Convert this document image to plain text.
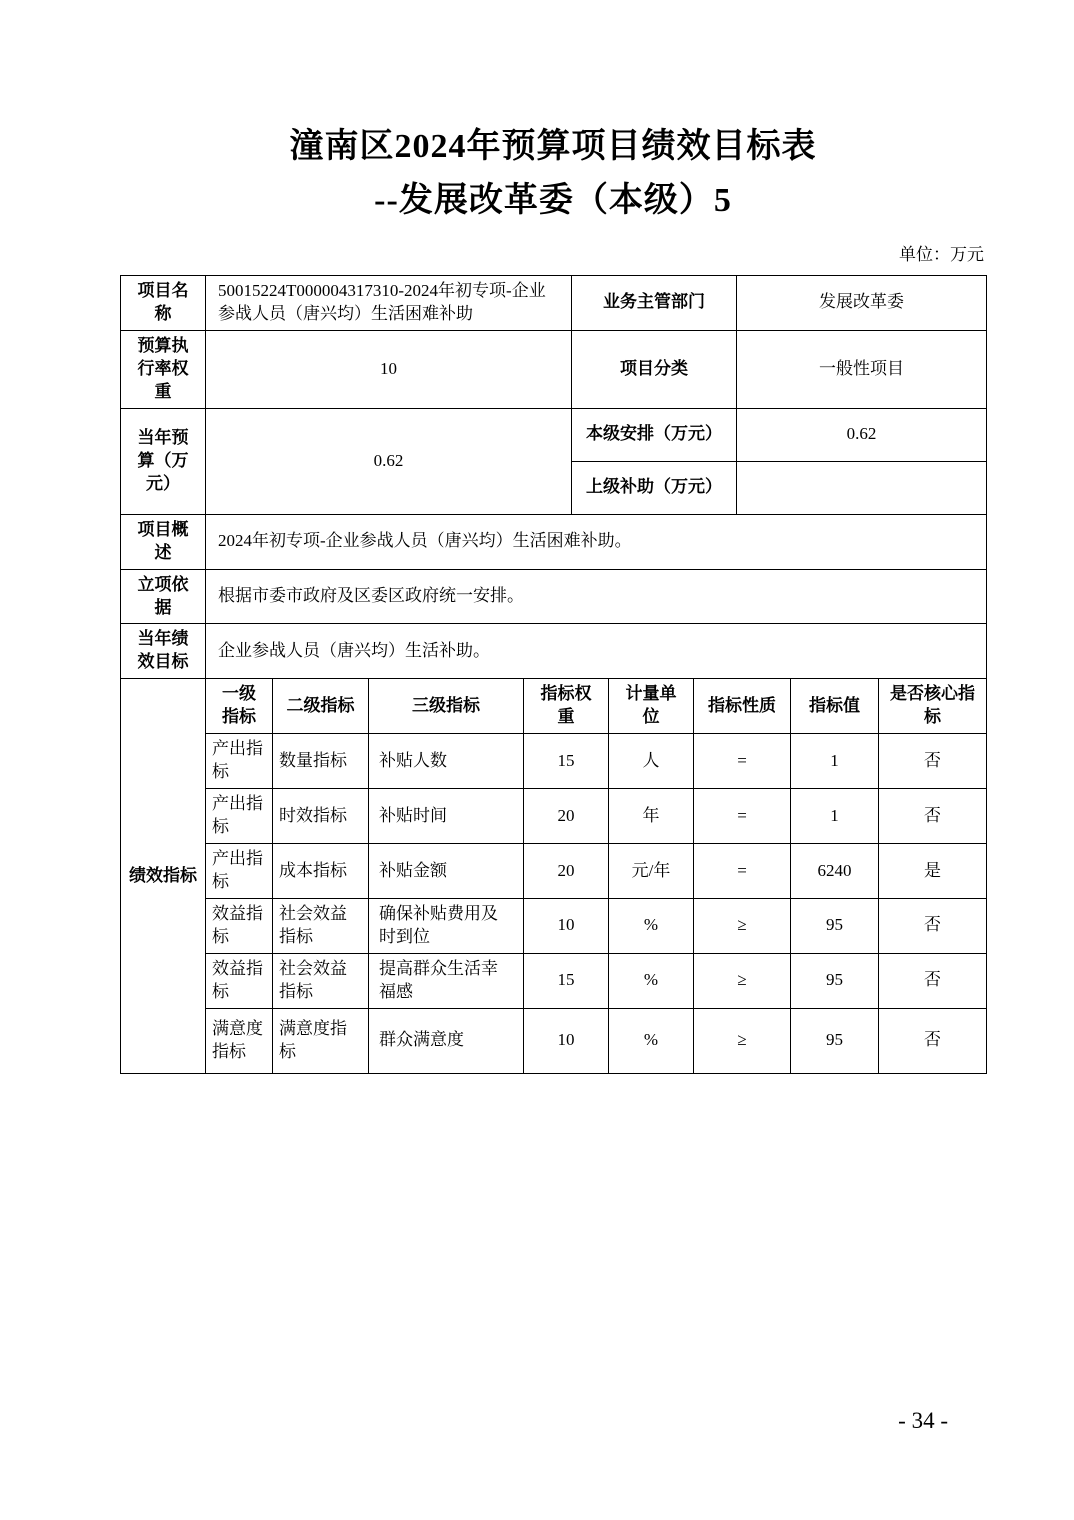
潼南区2024年预算项目绩效目标表
--发展改革委（本级）5
单位：万元
项目名称	50015224T000004317310-2024年初专项-企业参战人员（唐兴均）生活困难补助	业务主管部门	发展改革委
预算执行率权重	10	项目分类	一般性项目
当年预算（万元）	0.62	本级安排（万元）	0.62
		上级补助（万元）	
项目概述	2024年初专项-企业参战人员（唐兴均）生活困难补助。		
立项依据	根据市委市政府及区委区政府统一安排。		
当年绩效目标	企业参战人员（唐兴均）生活补助。		
绩效指标	一级指标	二级指标	三级指标	指标权重	计量单位	指标性质	指标值	是否核心指标
	产出指标	数量指标	补贴人数	15	人	=	1	否
	产出指标	时效指标	补贴时间	20	年	=	1	否
	产出指标	成本指标	补贴金额	20	元/年	=	6240	是
	效益指标	社会效益指标	确保补贴费用及时到位	10	%	≥	95	否
	效益指标	社会效益指标	提高群众生活幸福感	15	%	≥	95	否
	满意度指标	满意度指标	群众满意度	10	%	≥	95	否
- 34 -
